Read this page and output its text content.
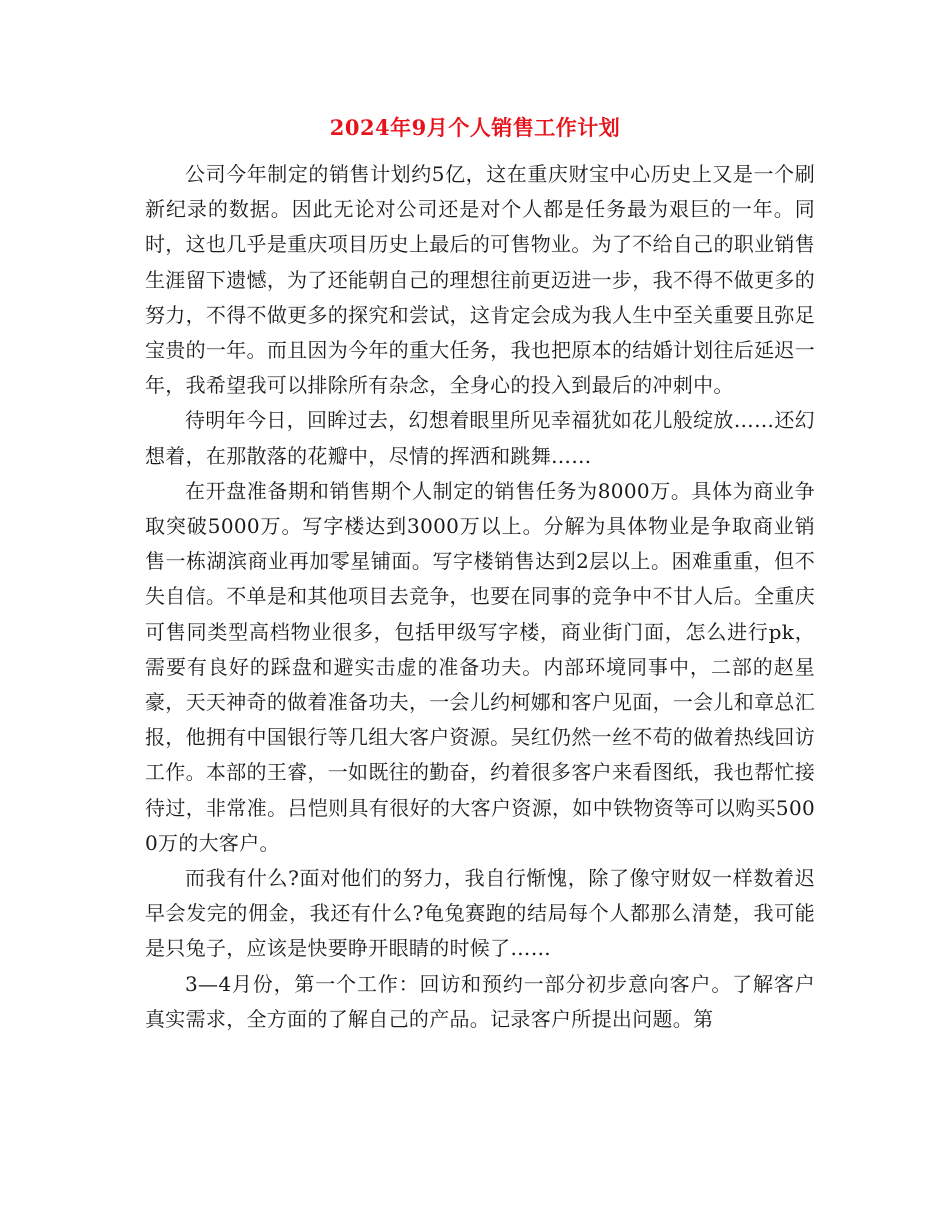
2024年9月个人销售工作计划

公司今年制定的销售计划约5亿，这在重庆财宝中心历史上又是一个刷新纪录的数据。因此无论对公司还是对个人都是任务最为艰巨的一年。同时，这也几乎是重庆项目历史上最后的可售物业。为了不给自己的职业销售生涯留下遗憾，为了还能朝自己的理想往前更迈进一步，我不得不做更多的努力，不得不做更多的探究和尝试，这肯定会成为我人生中至关重要且弥足宝贵的一年。而且因为今年的重大任务，我也把原本的结婚计划往后延迟一年，我希望我可以排除所有杂念，全身心的投入到最后的冲刺中。

待明年今日，回眸过去，幻想着眼里所见幸福犹如花儿般绽放……还幻想着，在那散落的花瓣中，尽情的挥洒和跳舞……

在开盘准备期和销售期个人制定的销售任务为8000万。具体为商业争取突破5000万。写字楼达到3000万以上。分解为具体物业是争取商业销售一栋湖滨商业再加零星铺面。写字楼销售达到2层以上。困难重重，但不失自信。不单是和其他项目去竞争，也要在同事的竞争中不甘人后。全重庆可售同类型高档物业很多，包括甲级写字楼，商业街门面，怎么进行pk，需要有良好的踩盘和避实击虚的准备功夫。内部环境同事中，二部的赵星豪，天天神奇的做着准备功夫，一会儿约柯娜和客户见面，一会儿和章总汇报，他拥有中国银行等几组大客户资源。吴红仍然一丝不苟的做着热线回访工作。本部的王睿，一如既往的勤奋，约着很多客户来看图纸，我也帮忙接待过，非常准。吕恺则具有很好的大客户资源，如中铁物资等可以购买5000万的大客户。

而我有什么?面对他们的努力，我自行惭愧，除了像守财奴一样数着迟早会发完的佣金，我还有什么?龟兔赛跑的结局每个人都那么清楚，我可能是只兔子，应该是快要睁开眼睛的时候了……

3—4月份，第一个工作：回访和预约一部分初步意向客户。了解客户真实需求，全方面的了解自己的产品。记录客户所提出问题。第
